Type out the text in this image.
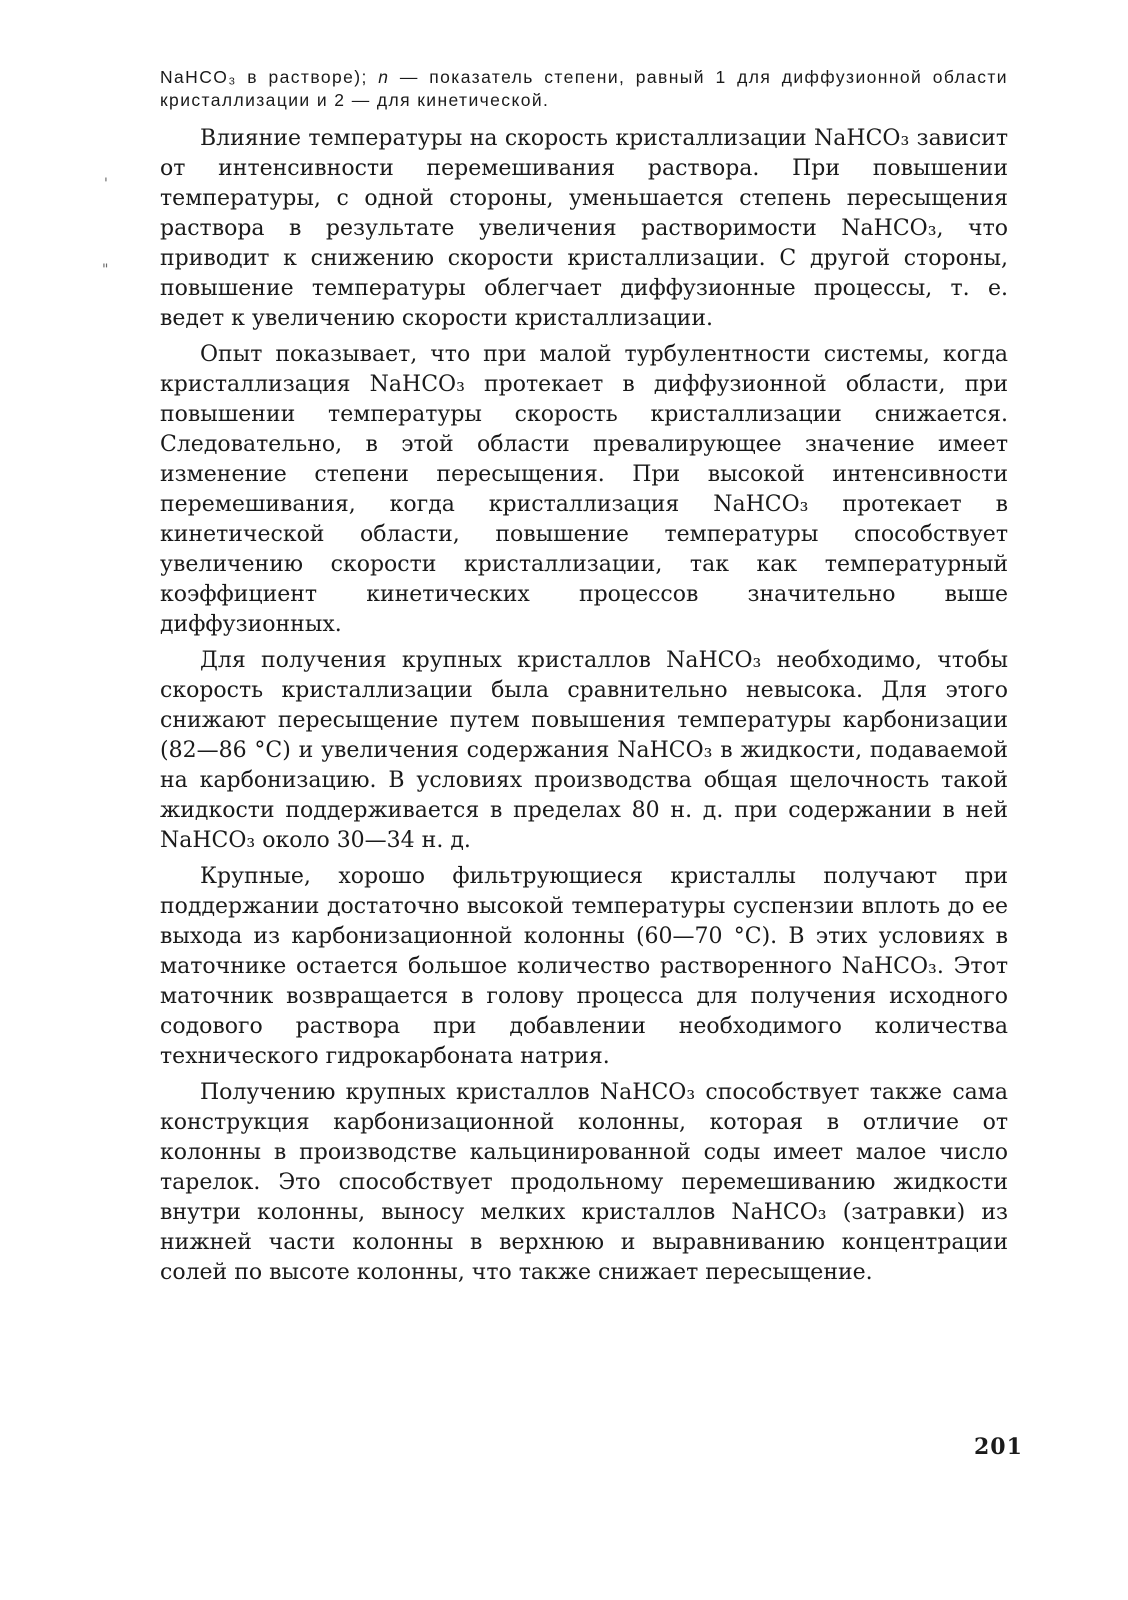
NaHCO₃ в растворе); n — показатель степени, равный 1 для диффузионной области кристаллизации и 2 — для кинетической.

Влияние температуры на скорость кристаллизации NaHCO₃ зависит от интенсивности перемешивания раствора. При повышении температуры, с одной стороны, уменьшается степень пересыщения раствора в результате увеличения растворимости NaHCO₃, что приводит к снижению скорости кристаллизации. С другой стороны, повышение температуры облегчает диффузионные процессы, т. е. ведет к увеличению скорости кристаллизации.

Опыт показывает, что при малой турбулентности системы, когда кристаллизация NaHCO₃ протекает в диффузионной области, при повышении температуры скорость кристаллизации снижается. Следовательно, в этой области превалирующее значение имеет изменение степени пересыщения. При высокой интенсивности перемешивания, когда кристаллизация NaHCO₃ протекает в кинетической области, повышение температуры способствует увеличению скорости кристаллизации, так как температурный коэффициент кинетических процессов значительно выше диффузионных.

Для получения крупных кристаллов NaHCO₃ необходимо, чтобы скорость кристаллизации была сравнительно невысока. Для этого снижают пересыщение путем повышения температуры карбонизации (82—86 °С) и увеличения содержания NaHCO₃ в жидкости, подаваемой на карбонизацию. В условиях производства общая щелочность такой жидкости поддерживается в пределах 80 н. д. при содержании в ней NaHCO₃ около 30—34 н. д.

Крупные, хорошо фильтрующиеся кристаллы получают при поддержании достаточно высокой температуры суспензии вплоть до ее выхода из карбонизационной колонны (60—70 °С). В этих условиях в маточнике остается большое количество растворенного NaHCO₃. Этот маточник возвращается в голову процесса для получения исходного содового раствора при добавлении необходимого количества технического гидрокарбоната натрия.

Получению крупных кристаллов NaHCO₃ способствует также сама конструкция карбонизационной колонны, которая в отличие от колонны в производстве кальцинированной соды имеет малое число тарелок. Это способствует продольному перемешиванию жидкости внутри колонны, выносу мелких кристаллов NaHCO₃ (затравки) из нижней части колонны в верхнюю и выравниванию концентрации солей по высоте колонны, что также снижает пересыщение.

'
"
201
